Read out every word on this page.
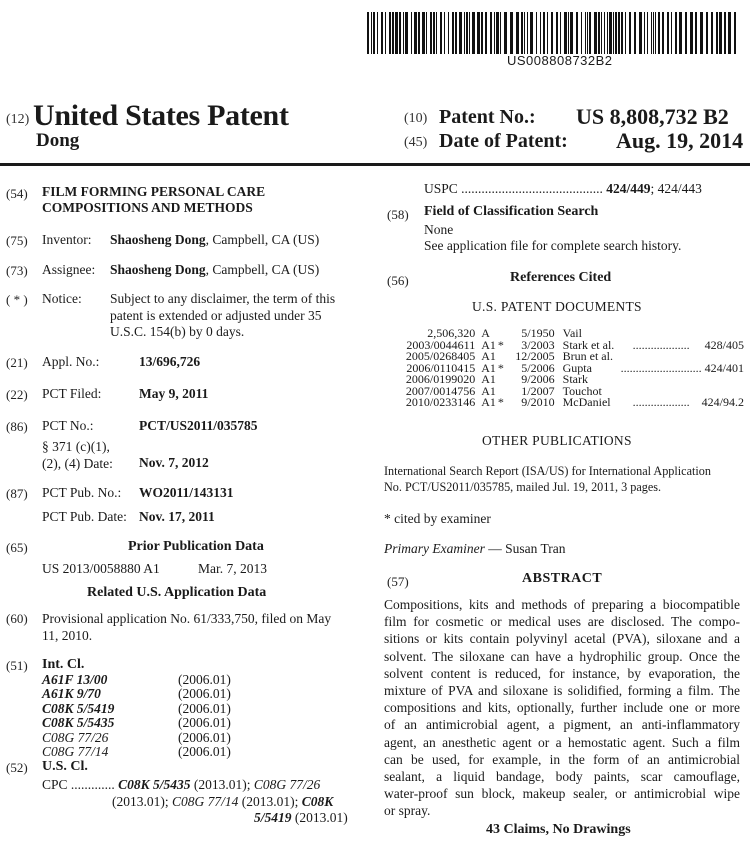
US008808732B2
(12) United States Patent
Dong
(10) Patent No.: US 8,808,732 B2
(45) Date of Patent: Aug. 19, 2014
(54) FILM FORMING PERSONAL CARE
COMPOSITIONS AND METHODS
(75) Inventor: Shaosheng Dong, Campbell, CA (US)
(73) Assignee: Shaosheng Dong, Campbell, CA (US)
( * ) Notice: Subject to any disclaimer, the term of this
patent is extended or adjusted under 35
U.S.C. 154(b) by 0 days.
(21) Appl. No.:	13/696,726
(22) PCT Filed:	May 9, 2011
(86) PCT No.:	PCT/US2011/035785
§ 371 (c)(1),
(2), (4) Date: Nov. 7, 2012
(87) PCT Pub. No.: WO2011/143131
PCT Pub. Date: Nov. 17, 2011
(65)	Prior Publication Data
US 2013/0058880 A1	Mar. 7, 2013
Related U.S. Application Data
(60) Provisional application No. 61/333,750, filed on May
11, 2010.
(51) Int. Cl.
A61F 13/00	(2006.01)
A61K 9/70	(2006.01)
C08K 5/5419	(2006.01)
C08K 5/5435	(2006.01)
C08G 77/26	(2006.01)
C08G 77/14	(2006.01)
(52) U.S. Cl.
CPC ............. C08K 5/5435 (2013.01); C08G 77/26
(2013.01); C08G 77/14 (2013.01); C08K
5/5419 (2013.01)
USPC .......................................... 424/449; 424/443
(58) Field of Classification Search
None
See application file for complete search history.
(56)	References Cited
U.S. PATENT DOCUMENTS
2,506,320	A		5/1950	Vail		
2003/0044611	A1	*	3/2003	Stark et al.	...................	428/405
2005/0268405	A1		12/2005	Brun et al.		
2006/0110415	A1	*	5/2006	Gupta	...........................	424/401
2006/0199020	A1		9/2006	Stark		
2007/0014756	A1		1/2007	Touchot		
2010/0233146	A1	*	9/2010	McDaniel	...................	424/94.2
OTHER PUBLICATIONS
International Search Report (ISA/US) for International Application
No. PCT/US2011/035785, mailed Jul. 19, 2011, 3 pages.
* cited by examiner
Primary Examiner — Susan Tran
(57)	ABSTRACT
Compositions, kits and methods of preparing a biocompatible
film for cosmetic or medical uses are disclosed. The compo-
sitions or kits contain polyvinyl acetal (PVA), siloxane and a
solvent. The siloxane can have a hydrophilic group. Once the
solvent content is reduced, for instance, by evaporation, the
mixture of PVA and siloxane is solidified, forming a film. The
compositions and kits, optionally, further include one or more
of an antimicrobial agent, a pigment, an anti-inflammatory
agent, an anesthetic agent or a hemostatic agent. Such a film
can be used, for example, in the form of an antimicrobial
sealant, a liquid bandage, body paints, scar camouflage,
water-proof sun block, makeup sealer, or antimicrobial wipe
or spray.
43 Claims, No Drawings
